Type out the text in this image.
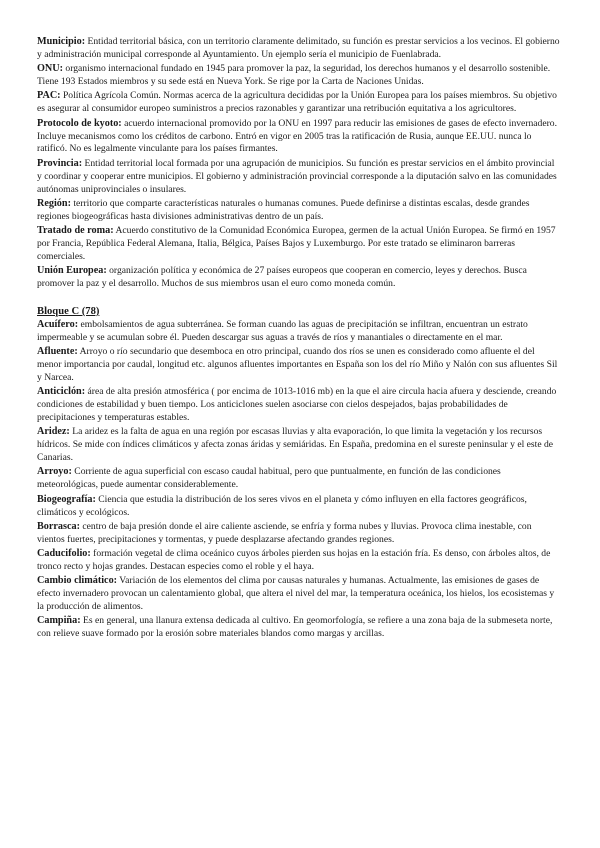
Municipio: Entidad territorial básica, con un territorio claramente delimitado, su función es prestar servicios a los vecinos. El gobierno y administración municipal corresponde al Ayuntamiento. Un ejemplo sería el municipio de Fuenlabrada.

ONU: organismo internacional fundado en 1945 para promover la paz, la seguridad, los derechos humanos y el desarrollo sostenible. Tiene 193 Estados miembros y su sede está en Nueva York. Se rige por la Carta de Naciones Unidas.

PAC: Política Agrícola Común. Normas acerca de la agricultura decididas por la Unión Europea para los países miembros. Su objetivo es asegurar al consumidor europeo suministros a precios razonables y garantizar una retribución equitativa a los agricultores.

Protocolo de kyoto: acuerdo internacional promovido por la ONU en 1997 para reducir las emisiones de gases de efecto invernadero. Incluye mecanismos como los créditos de carbono. Entró en vigor en 2005 tras la ratificación de Rusia, aunque EE.UU. nunca lo ratificó. No es legalmente vinculante para los países firmantes.

Provincia: Entidad territorial local formada por una agrupación de municipios. Su función es prestar servicios en el ámbito provincial y coordinar y cooperar entre municipios. El gobierno y administración provincial corresponde a la diputación salvo en las comunidades autónomas uniprovinciales o insulares.

Región: territorio que comparte características naturales o humanas comunes. Puede definirse a distintas escalas, desde grandes regiones biogeográficas hasta divisiones administrativas dentro de un país.

Tratado de roma: Acuerdo constitutivo de la Comunidad Económica Europea, germen de la actual Unión Europea. Se firmó en 1957 por Francia, República Federal Alemana, Italia, Bélgica, Países Bajos y Luxemburgo. Por este tratado se eliminaron barreras comerciales.

Unión Europea: organización política y económica de 27 países europeos que cooperan en comercio, leyes y derechos. Busca promover la paz y el desarrollo. Muchos de sus miembros usan el euro como moneda común.

Bloque C (78)

Acuífero: embolsamientos de agua subterránea. Se forman cuando las aguas de precipitación se infiltran, encuentran un estrato impermeable y se acumulan sobre él. Pueden descargar sus aguas a través de ríos y manantiales o directamente en el mar.

Afluente: Arroyo o río secundario que desemboca en otro principal, cuando dos ríos se unen es considerado como afluente el del menor importancia por caudal, longitud etc. algunos afluentes importantes en España son los del río Miño y Nalón con sus afluentes Sil y Narcea.

Anticiclón: área de alta presión atmosférica ( por encima de 1013-1016 mb) en la que el aire circula hacia afuera y desciende, creando condiciones de estabilidad y buen tiempo. Los anticiclones suelen asociarse con cielos despejados, bajas probabilidades de precipitaciones y temperaturas estables.

Aridez: La aridez es la falta de agua en una región por escasas lluvias y alta evaporación, lo que limita la vegetación y los recursos hídricos. Se mide con índices climáticos y afecta zonas áridas y semiáridas. En España, predomina en el sureste peninsular y el este de Canarias.

Arroyo: Corriente de agua superficial con escaso caudal habitual, pero que puntualmente, en función de las condiciones meteorológicas, puede aumentar considerablemente.

Biogeografía: Ciencia que estudia la distribución de los seres vivos en el planeta y cómo influyen en ella factores geográficos, climáticos y ecológicos.

Borrasca: centro de baja presión donde el aire caliente asciende, se enfría y forma nubes y lluvias. Provoca clima inestable, con vientos fuertes, precipitaciones y tormentas, y puede desplazarse afectando grandes regiones.

Caducifolio: formación vegetal de clima oceánico cuyos árboles pierden sus hojas en la estación fría. Es denso, con árboles altos, de tronco recto y hojas grandes. Destacan especies como el roble y el haya.

Cambio climático: Variación de los elementos del clima por causas naturales y humanas. Actualmente, las emisiones de gases de efecto invernadero provocan un calentamiento global, que altera el nivel del mar, la temperatura oceánica, los hielos, los ecosistemas y la producción de alimentos.

Campiña: Es en general, una llanura extensa dedicada al cultivo. En geomorfología, se refiere a una zona baja de la submeseta norte, con relieve suave formado por la erosión sobre materiales blandos como margas y arcillas.
